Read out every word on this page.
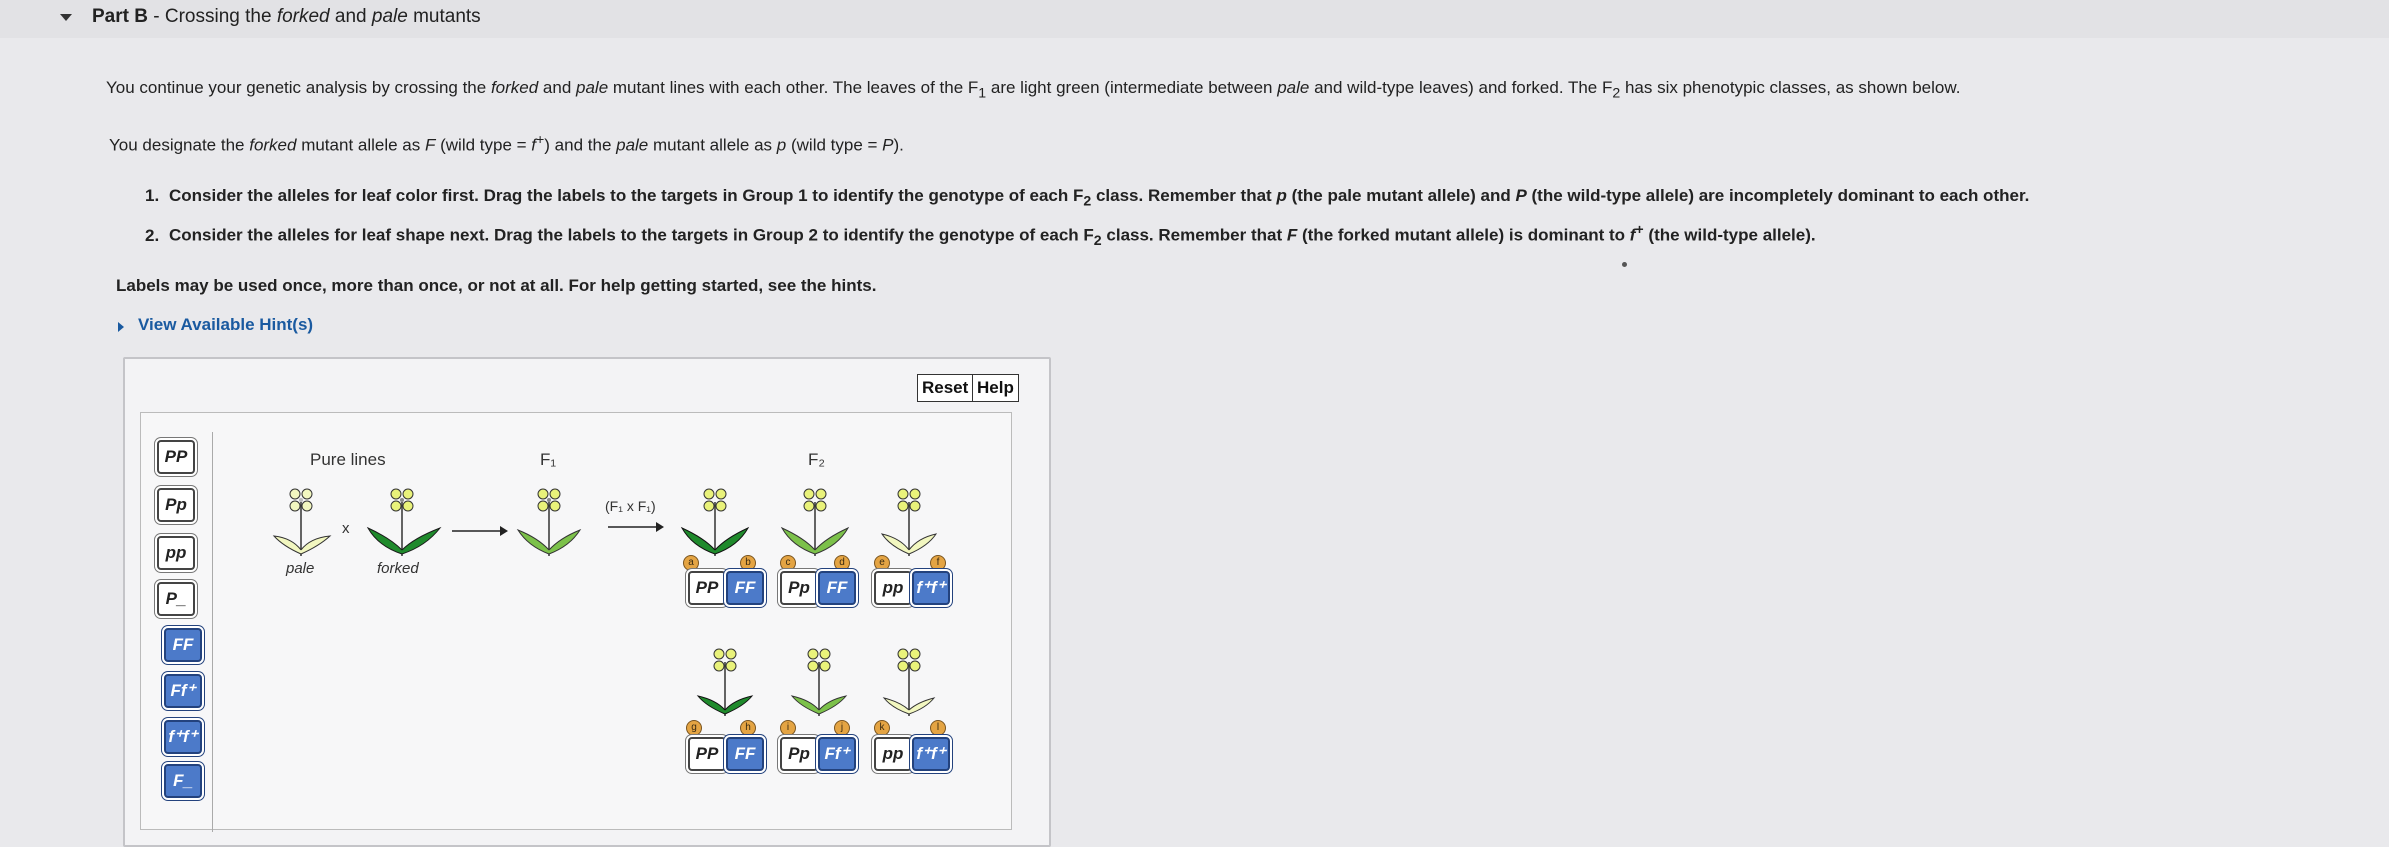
Part B - Crossing the forked and pale mutants
You continue your genetic analysis by crossing the forked and pale mutant lines with each other. The leaves of the $F_1$ are light green (intermediate between pale and wild-type leaves) and forked. The $F_2$ has six phenotypic classes, as shown below.
You designate the forked mutant allele as F (wild type = f+) and the pale mutant allele as p (wild type = P).
1. Consider the alleles for leaf color first. Drag the labels to the targets in Group 1 to identify the genotype of each $F_2$ class. Remember that p (the pale mutant allele) and P (the wild-type allele) are incompletely dominant to each other.
2. Consider the alleles for leaf shape next. Drag the labels to the targets in Group 2 to identify the genotype of each $F_2$ class. Remember that F (the forked mutant allele) is dominant to f+ (the wild-type allele).
Labels may be used once, more than once, or not at all. For help getting started, see the hints.
View Available Hint(s)
Reset Help
PP
Pp
pp
P_
FF
Ff⁺
f⁺f⁺
F_
Pure lines	F₁	F₂
x
(F₁ x F₁)
pale	forked	a	b	c	d	e	f
PP FF	Pp FF	pp f⁺f⁺
g	h	i	j	k	l
PP FF	Pp Ff⁺	pp f⁺f⁺
